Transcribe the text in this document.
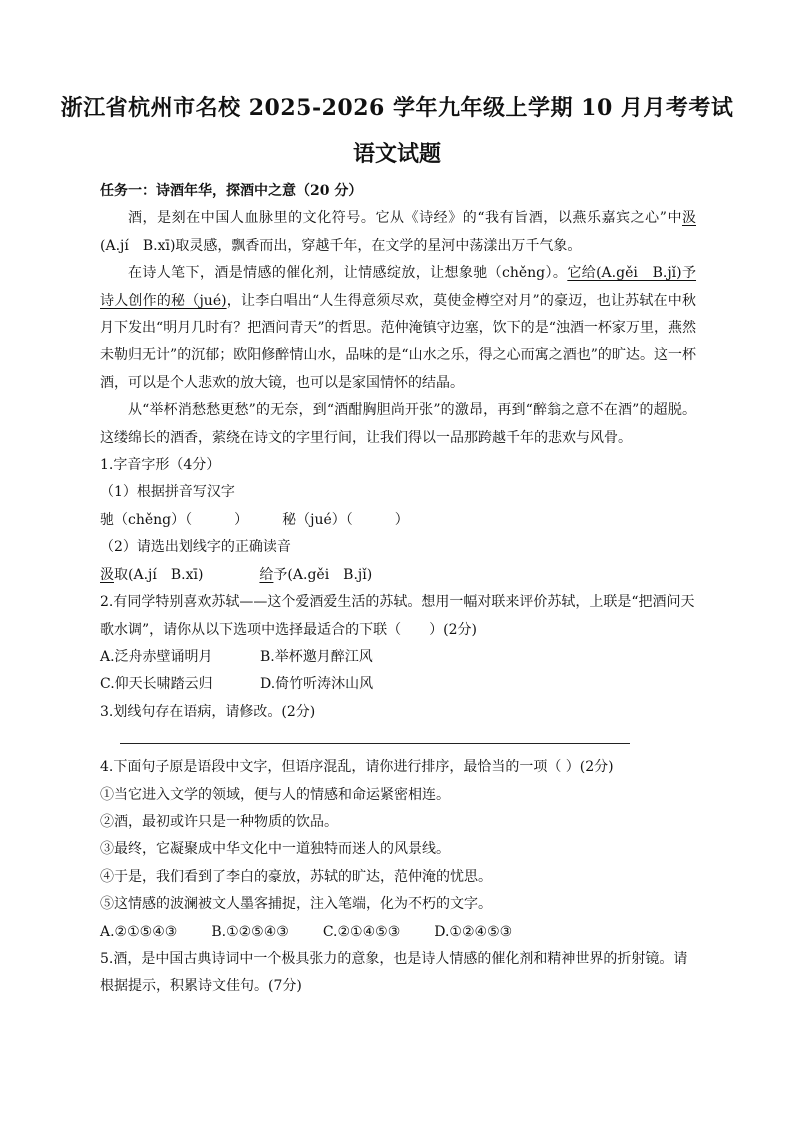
浙江省杭州市名校 2025-2026 学年九年级上学期 10 月月考考试
语文试题

任务一：诗酒年华，探酒中之意（20 分）

酒，是刻在中国人血脉里的文化符号。它从《诗经》的“我有旨酒，以燕乐嘉宾之心”中汲(A.jí　B.xī)取灵感，飘香而出，穿越千年，在文学的星河中荡漾出万千气象。

在诗人笔下，酒是情感的催化剂，让情感绽放，让想象驰（chěng）。它给(A.gěi　B.jǐ)予诗人创作的秘（jué)，让李白唱出“人生得意须尽欢，莫使金樽空对月”的豪迈，也让苏轼在中秋月下发出“明月几时有？把酒问青天”的哲思。范仲淹镇守边塞，饮下的是“浊酒一杯家万里，燕然未勒归无计”的沉郁；欧阳修醉情山水，品味的是“山水之乐，得之心而寓之酒也”的旷达。这一杯酒，可以是个人悲欢的放大镜，也可以是家国情怀的结晶。

从“举杯消愁愁更愁”的无奈，到“酒酣胸胆尚开张”的激昂，再到“醉翁之意不在酒”的超脱。这缕绵长的酒香，萦绕在诗文的字里行间，让我们得以一品那跨越千年的悲欢与风骨。

1.字音字形（4分）

（1）根据拼音写汉字

驰（chěng）（　　　） 秘（jué）（　　　）

（2）请选出划线字的正确读音

汲取(A.jí　B.xī)	给予(A.gěi　B.jǐ)

2.有同学特别喜欢苏轼——这个爱酒爱生活的苏轼。想用一幅对联来评价苏轼，上联是“把酒问天歌水调”，请你从以下选项中选择最适合的下联（　　）(2分)

A.泛舟赤壁诵明月	B.举杯邀月醉江风
C.仰天长啸踏云归	D.倚竹听涛沐山风

3.划线句存在语病，请修改。(2分)

4.下面句子原是语段中文字，但语序混乱，请你进行排序，最恰当的一项（ ）(2分)

①当它进入文学的领域，便与人的情感和命运紧密相连。

②酒，最初或许只是一种物质的饮品。

③最终，它凝聚成中华文化中一道独特而迷人的风景线。

④于是，我们看到了李白的豪放，苏轼的旷达，范仲淹的忧思。

⑤这情感的波澜被文人墨客捕捉，注入笔端，化为不朽的文字。

A.②①⑤④③ B.①②⑤④③ C.②①④⑤③ D.①②④⑤③

5.酒，是中国古典诗词中一个极具张力的意象，也是诗人情感的催化剂和精神世界的折射镜。请根据提示，积累诗文佳句。(7分)
